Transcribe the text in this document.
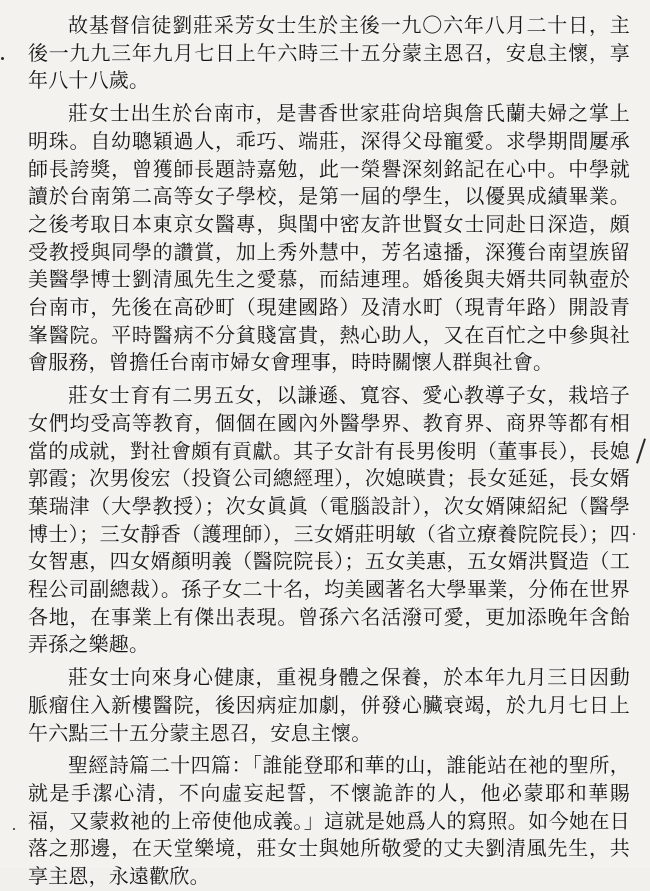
故基督信徒劉莊采芳女士生於主後一九〇六年八月二十日，主後一九九三年九月七日上午六時三十五分蒙主恩召，安息主懷，享年八十八歲。

莊女士出生於台南市，是書香世家莊尙培與詹氏蘭夫婦之掌上明珠。自幼聰穎過人，乖巧、端莊，深得父母寵愛。求學期間屢承師長誇獎，曾獲師長題詩嘉勉，此一榮譽深刻銘記在心中。中學就讀於台南第二高等女子學校，是第一屆的學生，以優異成績畢業。之後考取日本東京女醫專，與閨中密友許世賢女士同赴日深造，頗受教授與同學的讚賞，加上秀外慧中，芳名遠播，深獲台南望族留美醫學博士劉清風先生之愛慕，而結連理。婚後與夫婿共同執壺於台南市，先後在高砂町（現建國路）及清水町（現青年路）開設青峯醫院。平時醫病不分貧賤富貴，熱心助人，又在百忙之中參與社會服務，曾擔任台南市婦女會理事，時時關懷人群與社會。

莊女士育有二男五女，以謙遜、寬容、愛心教導子女，栽培子女們均受高等教育，個個在國內外醫學界、教育界、商界等都有相當的成就，對社會頗有貢獻。其子女計有長男俊明（董事長），長媳郭霞；次男俊宏（投資公司總經理），次媳暎貴；長女延延，長女婿葉瑞津（大學教授）；次女眞眞（電腦設計），次女婿陳紹紀（醫學博士）；三女靜香（護理師），三女婿莊明敏（省立療養院院長）；四女智惠，四女婿顏明義（醫院院長）；五女美惠，五女婿洪賢造（工程公司副總裁）。孫子女二十名，均美國著名大學畢業，分佈在世界各地，在事業上有傑出表現。曾孫六名活潑可愛，更加添晚年含飴弄孫之樂趣。

莊女士向來身心健康，重視身體之保養，於本年九月三日因動脈瘤住入新樓醫院，後因病症加劇，併發心臟衰竭，於九月七日上午六點三十五分蒙主恩召，安息主懷。

聖經詩篇二十四篇：「誰能登耶和華的山，誰能站在祂的聖所，就是手潔心清，不向虛妄起誓，不懷詭詐的人，他必蒙耶和華賜福，又蒙救祂的上帝使他成義。」這就是她爲人的寫照。如今她在日落之那邊，在天堂樂境，莊女士與她所敬愛的丈夫劉清風先生，共享主恩，永遠歡欣。
